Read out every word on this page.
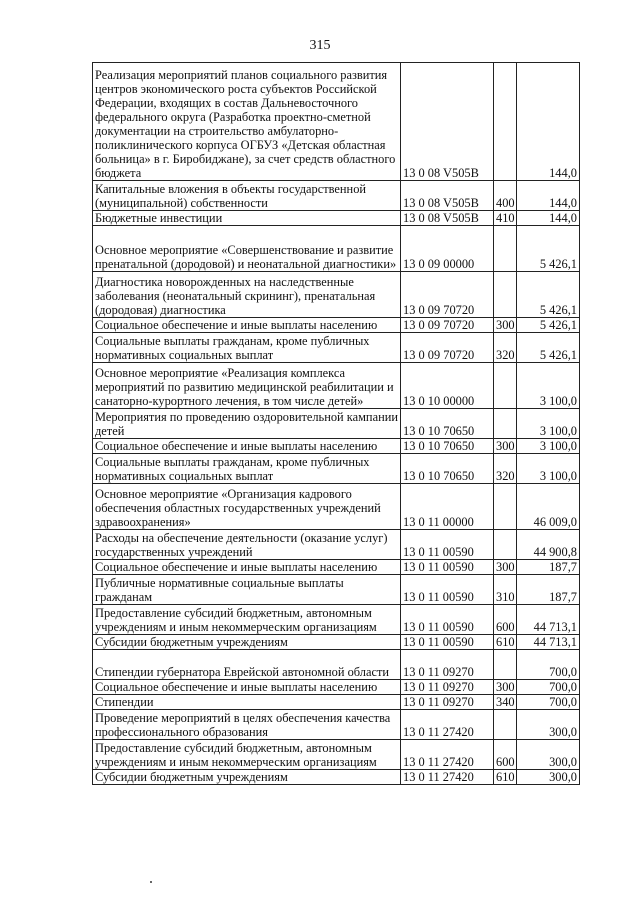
315
Реализация мероприятий планов социального развития центров экономического роста субъектов Российской Федерации, входящих в состав Дальневосточного федерального округа (Разработка проектно-сметной документации на строительство амбулаторно-поликлинического корпуса ОГБУЗ «Детская областная больница» в г. Биробиджане), за счет средств областного бюджета	13 0 08 V505B		144,0
Капитальные вложения в объекты государственной (муниципальной) собственности	13 0 08 V505B	400	144,0
Бюджетные инвестиции	13 0 08 V505B	410	144,0
Основное мероприятие «Совершенствование и развитие пренатальной (дородовой) и неонатальной диагностики»	13 0 09 00000		5 426,1
Диагностика новорожденных на наследственные заболевания (неонатальный скрининг), пренатальная (дородовая) диагностика	13 0 09 70720		5 426,1
Социальное обеспечение и иные выплаты населению	13 0 09 70720	300	5 426,1
Социальные выплаты гражданам, кроме публичных нормативных социальных выплат	13 0 09 70720	320	5 426,1
Основное мероприятие «Реализация комплекса мероприятий по развитию медицинской реабилитации и санаторно-курортного лечения, в том числе детей»	13 0 10 00000		3 100,0
Мероприятия по проведению оздоровительной кампании детей	13 0 10 70650		3 100,0
Социальное обеспечение и иные выплаты населению	13 0 10 70650	300	3 100,0
Социальные выплаты гражданам, кроме публичных нормативных социальных выплат	13 0 10 70650	320	3 100,0
Основное мероприятие «Организация кадрового обеспечения областных государственных учреждений здравоохранения»	13 0 11 00000		46 009,0
Расходы на обеспечение деятельности (оказание услуг) государственных учреждений	13 0 11 00590		44 900,8
Социальное обеспечение и иные выплаты населению	13 0 11 00590	300	187,7
Публичные нормативные социальные выплаты гражданам	13 0 11 00590	310	187,7
Предоставление субсидий бюджетным, автономным учреждениям и иным некоммерческим организациям	13 0 11 00590	600	44 713,1
Субсидии бюджетным учреждениям	13 0 11 00590	610	44 713,1
Стипендии губернатора Еврейской автономной области	13 0 11 09270		700,0
Социальное обеспечение и иные выплаты населению	13 0 11 09270	300	700,0
Стипендии	13 0 11 09270	340	700,0
Проведение мероприятий в целях обеспечения качества профессионального образования	13 0 11 27420		300,0
Предоставление субсидий бюджетным, автономным учреждениям и иным некоммерческим организациям	13 0 11 27420	600	300,0
Субсидии бюджетным учреждениям	13 0 11 27420	610	300,0
